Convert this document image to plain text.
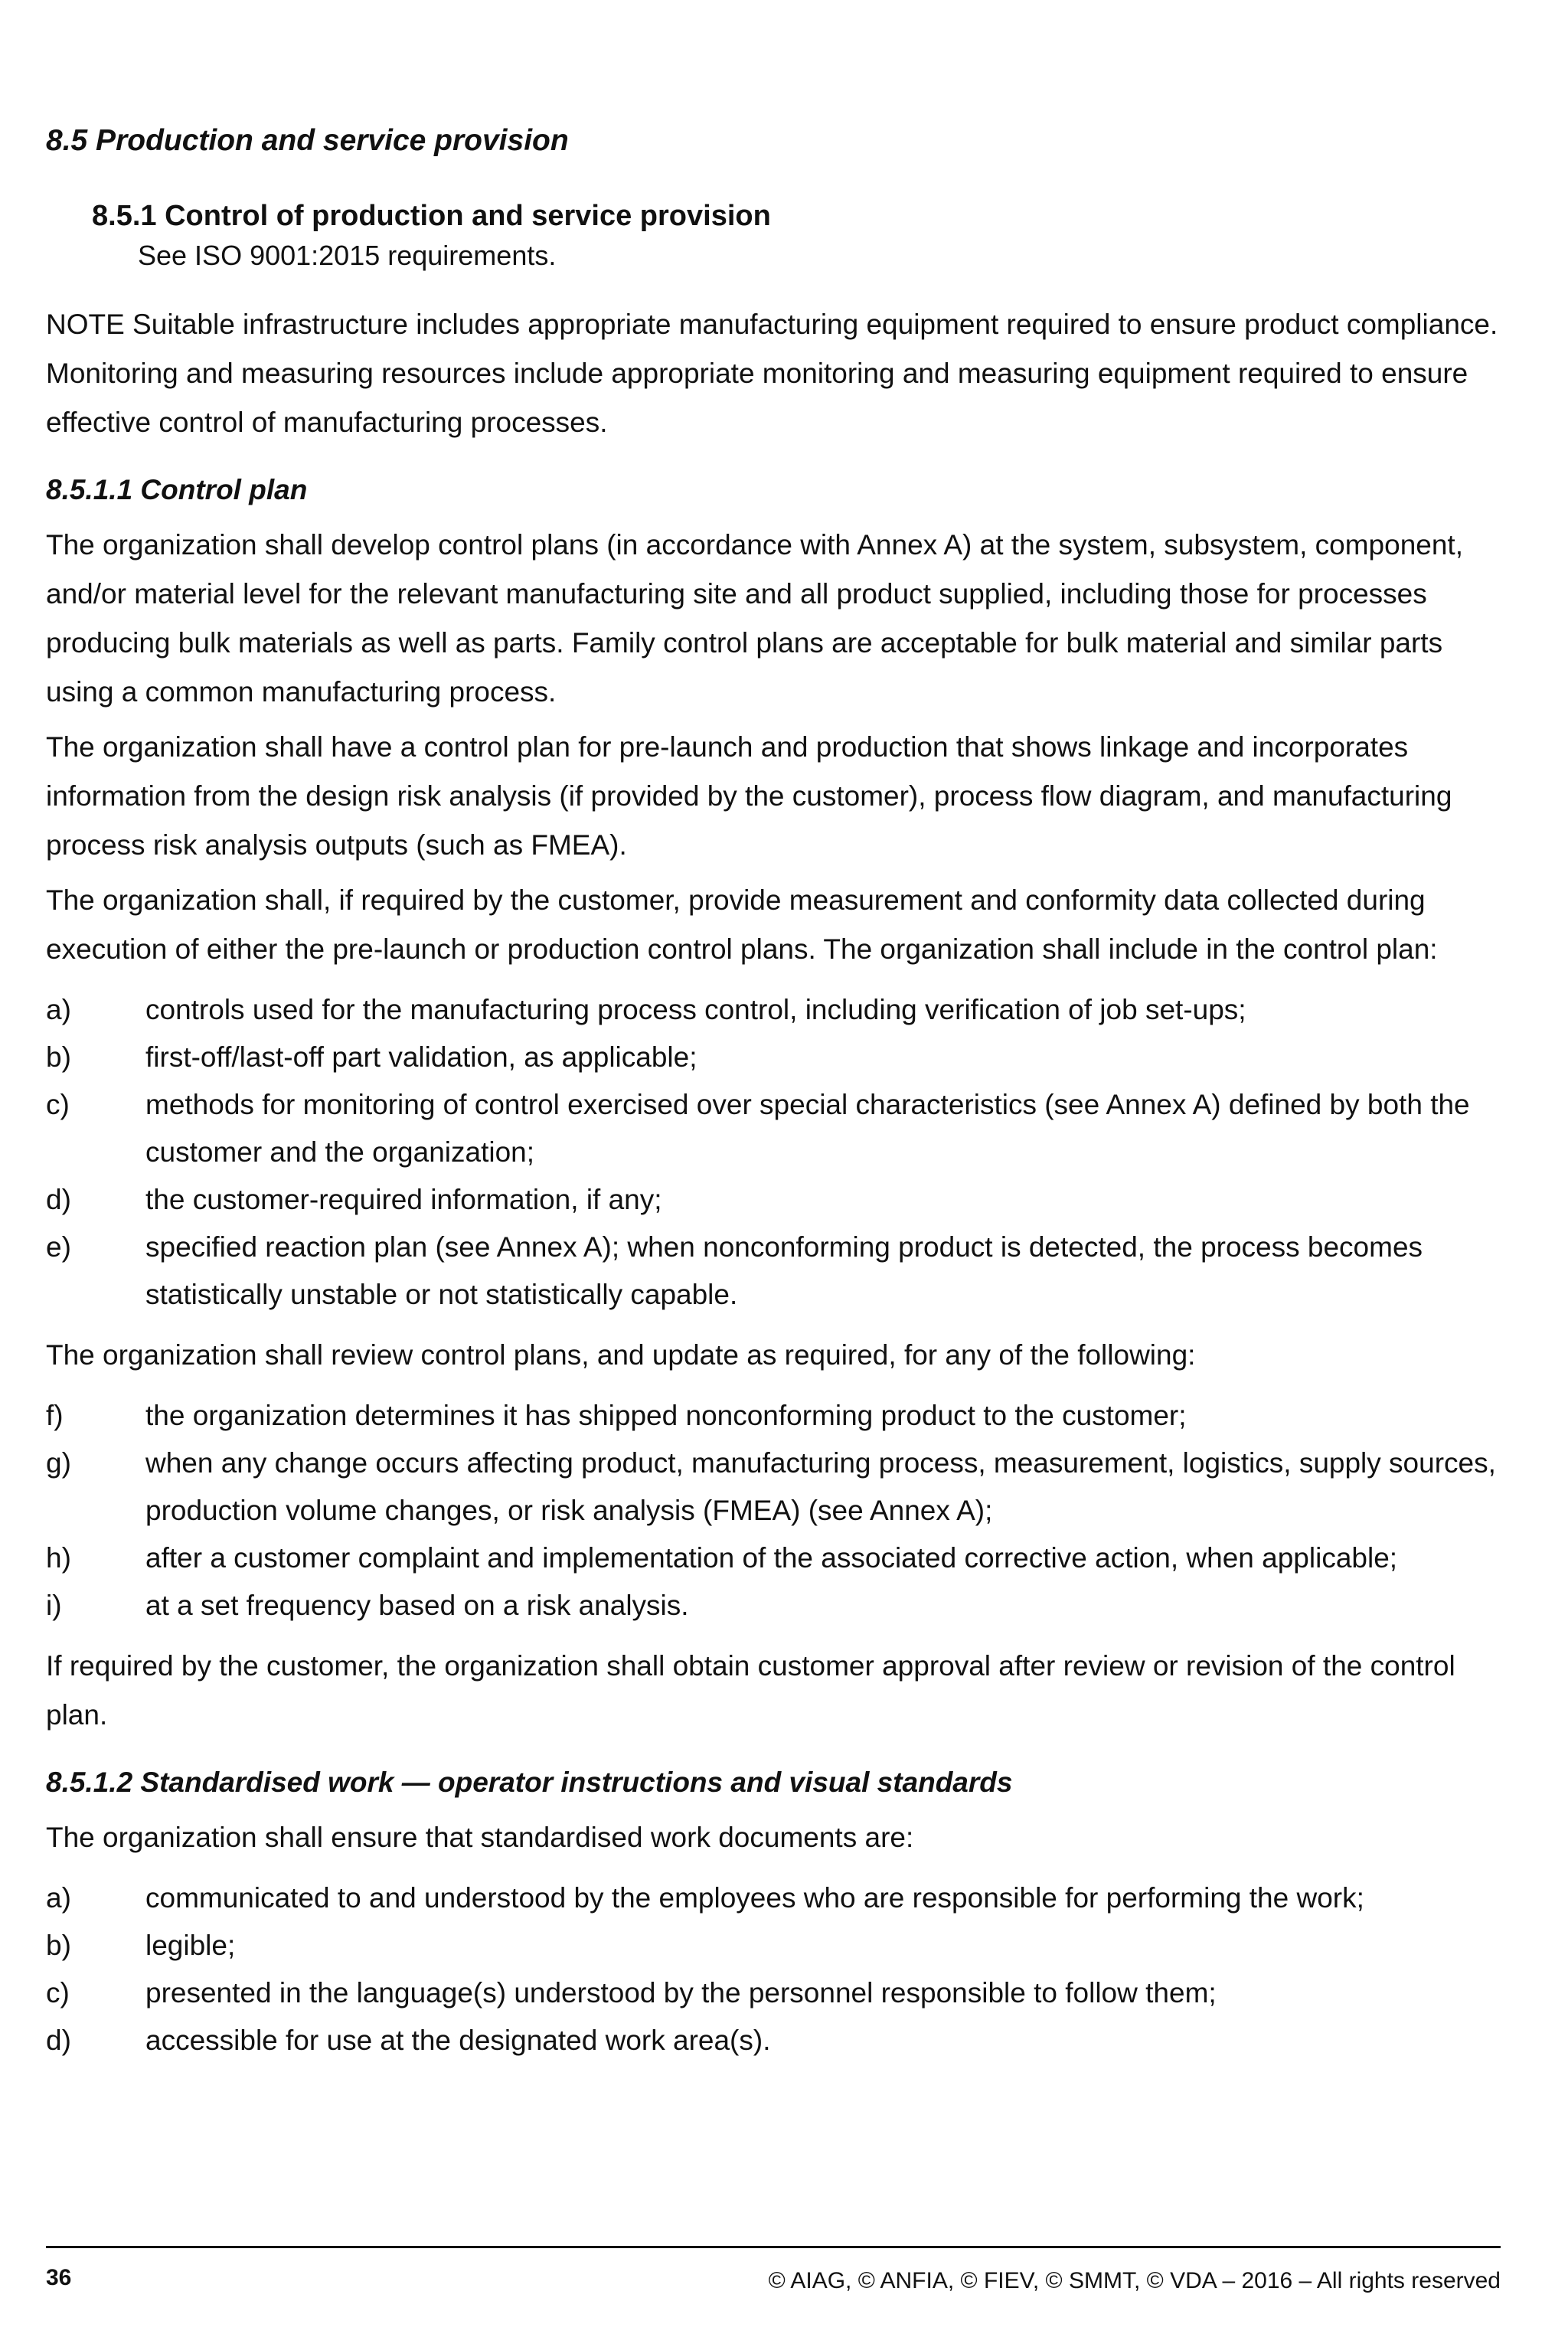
8.5 Production and service provision
8.5.1 Control of production and service provision
See ISO 9001:2015 requirements.

NOTE Suitable infrastructure includes appropriate manufacturing equipment required to ensure product compliance. Monitoring and measuring resources include appropriate monitoring and measuring equipment required to ensure effective control of manufacturing processes.

8.5.1.1 Control plan

The organization shall develop control plans (in accordance with Annex A) at the system, subsystem, component, and/or material level for the relevant manufacturing site and all product supplied, including those for processes producing bulk materials as well as parts. Family control plans are acceptable for bulk material and similar parts using a common manufacturing process.

The organization shall have a control plan for pre-launch and production that shows linkage and incorporates information from the design risk analysis (if provided by the customer), process flow diagram, and manufacturing process risk analysis outputs (such as FMEA).

The organization shall, if required by the customer, provide measurement and conformity data collected during execution of either the pre-launch or production control plans. The organization shall include in the control plan:

a)	controls used for the manufacturing process control, including verification of job set-ups;
b)	first-off/last-off part validation, as applicable;
c)	methods for monitoring of control exercised over special characteristics (see Annex A) defined by both the customer and the organization;
d)	the customer-required information, if any;
e)	specified reaction plan (see Annex A); when nonconforming product is detected, the process becomes statistically unstable or not statistically capable.

The organization shall review control plans, and update as required, for any of the following:

f)	the organization determines it has shipped nonconforming product to the customer;
g)	when any change occurs affecting product, manufacturing process, measurement, logistics, supply sources, production volume changes, or risk analysis (FMEA) (see Annex A);
h)	after a customer complaint and implementation of the associated corrective action, when applicable;
i)	at a set frequency based on a risk analysis.

If required by the customer, the organization shall obtain customer approval after review or revision of the control plan.

8.5.1.2 Standardised work — operator instructions and visual standards

The organization shall ensure that standardised work documents are:

a)	communicated to and understood by the employees who are responsible for performing the work;
b)	legible;
c)	presented in the language(s) understood by the personnel responsible to follow them;
d)	accessible for use at the designated work area(s).
36	© AIAG, © ANFIA, © FIEV, © SMMT, © VDA – 2016 – All rights reserved
